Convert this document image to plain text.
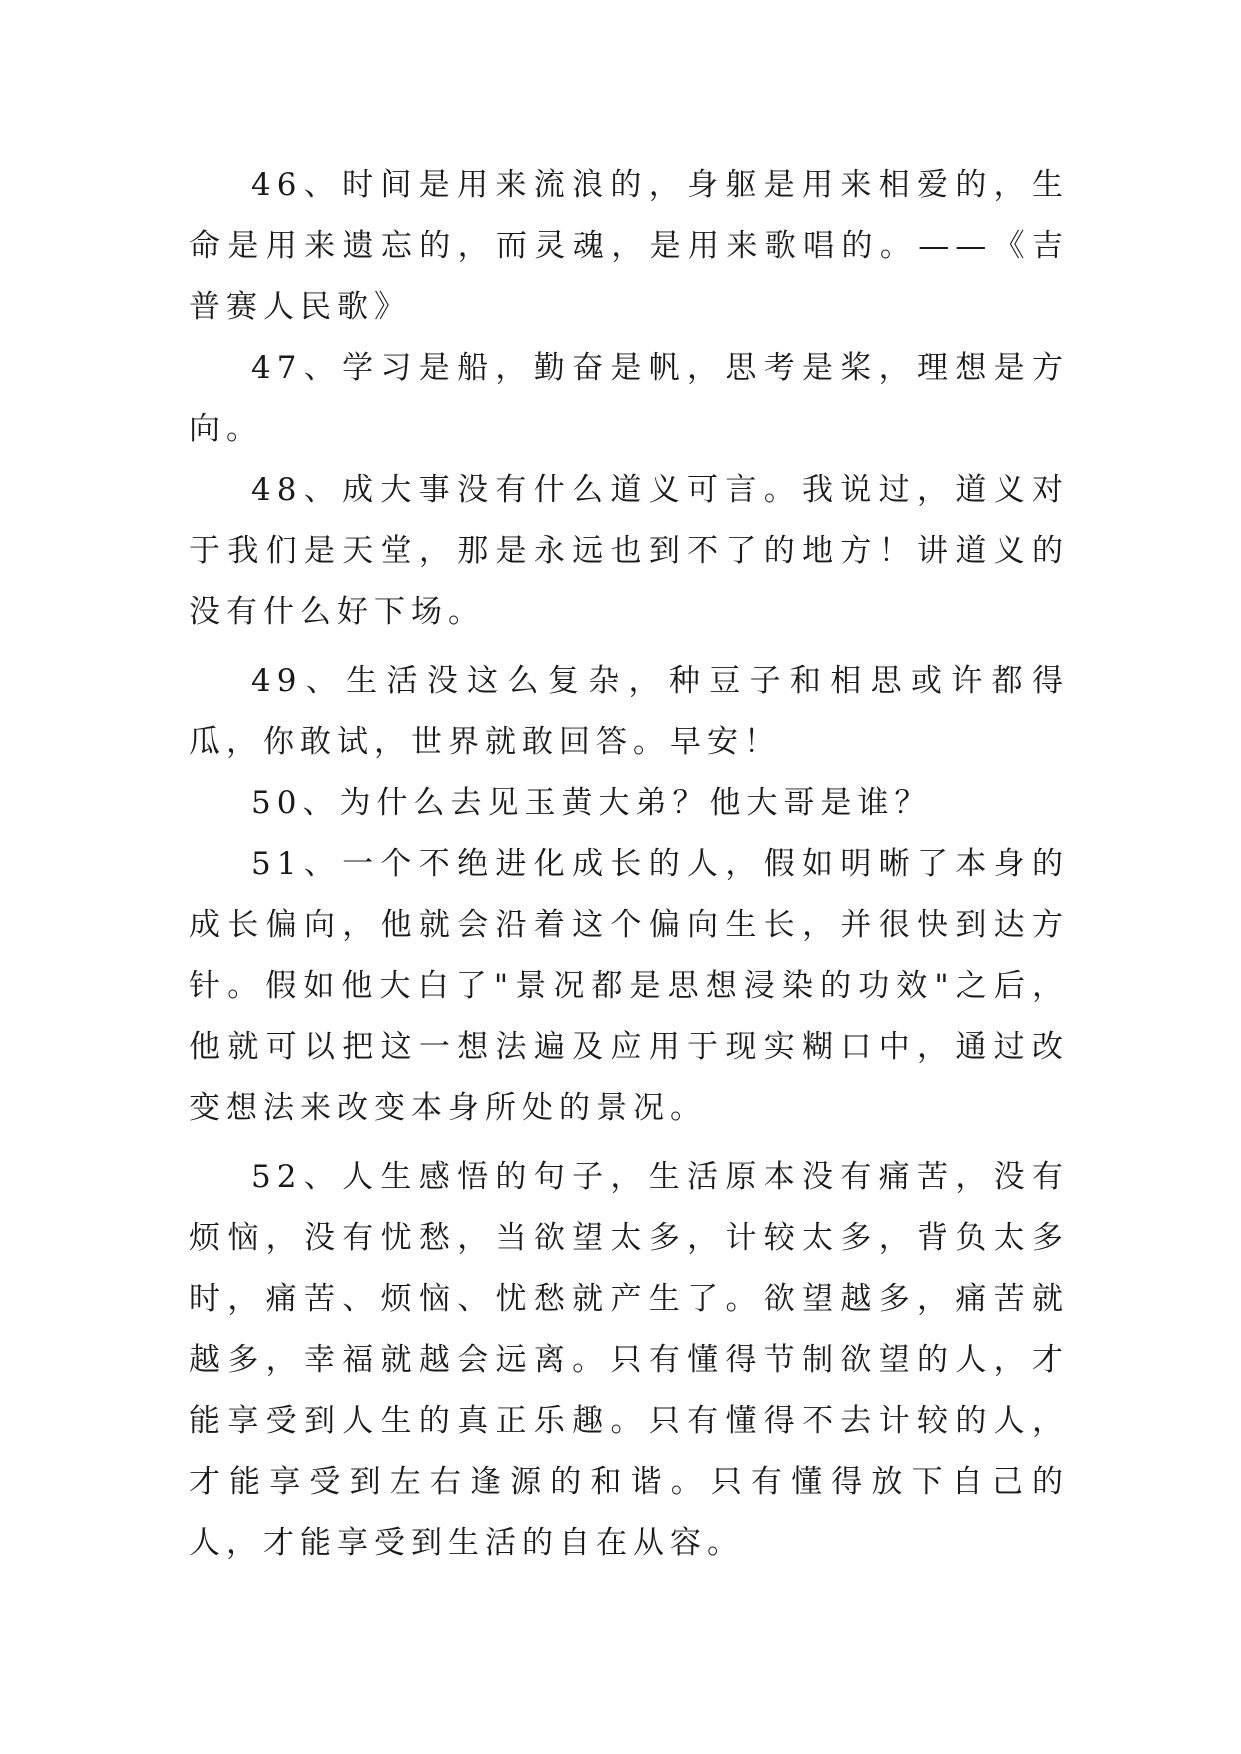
46、时间是用来流浪的，身躯是用来相爱的，生命是用来遗忘的，而灵魂，是用来歌唱的。——《吉普赛人民歌》

47、学习是船，勤奋是帆，思考是桨，理想是方向。

48、成大事没有什么道义可言。我说过，道义对于我们是天堂，那是永远也到不了的地方！讲道义的没有什么好下场。

49、生活没这么复杂，种豆子和相思或许都得瓜，你敢试，世界就敢回答。早安！

50、为什么去见玉黄大弟？他大哥是谁？

51、一个不绝进化成长的人，假如明晰了本身的成长偏向，他就会沿着这个偏向生长，并很快到达方针。假如他大白了"景况都是思想浸染的功效"之后，他就可以把这一想法遍及应用于现实糊口中，通过改变想法来改变本身所处的景况。

52、人生感悟的句子，生活原本没有痛苦，没有烦恼，没有忧愁，当欲望太多，计较太多，背负太多时，痛苦、烦恼、忧愁就产生了。欲望越多，痛苦就越多，幸福就越会远离。只有懂得节制欲望的人，才能享受到人生的真正乐趣。只有懂得不去计较的人，才能享受到左右逢源的和谐。只有懂得放下自己的人，才能享受到生活的自在从容。
